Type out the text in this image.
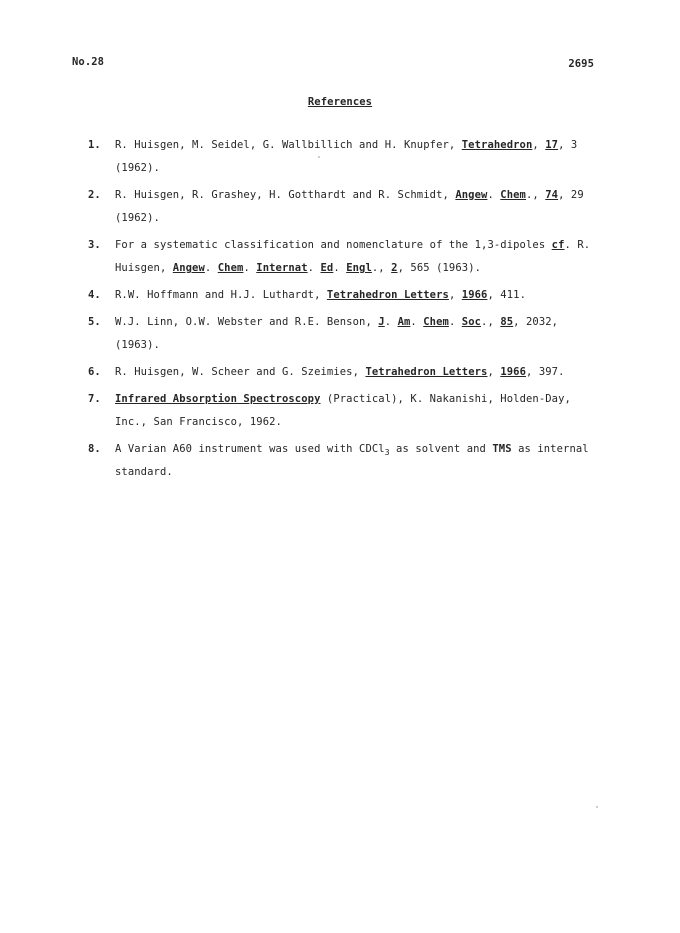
No.28	2695
References
1. R. Huisgen, M. Seidel, G. Wallbillich and H. Knupfer, Tetrahedron, 17, 3 (1962).
2. R. Huisgen, R. Grashey, H. Gotthardt and R. Schmidt, Angew. Chem., 74, 29 (1962).
3. For a systematic classification and nomenclature of the 1,3-dipoles cf. R. Huisgen, Angew. Chem. Internat. Ed. Engl., 2, 565 (1963).
4. R.W. Hoffmann and H.J. Luthardt, Tetrahedron Letters, 1966, 411.
5. W.J. Linn, O.W. Webster and R.E. Benson, J. Am. Chem. Soc., 85, 2032, (1963).
6. R. Huisgen, W. Scheer and G. Szeimies, Tetrahedron Letters, 1966, 397.
7. Infrared Absorption Spectroscopy (Practical), K. Nakanishi, Holden-Day, Inc., San Francisco, 1962.
8. A Varian A60 instrument was used with CDCl$_3$ as solvent and TMS as internal standard.
